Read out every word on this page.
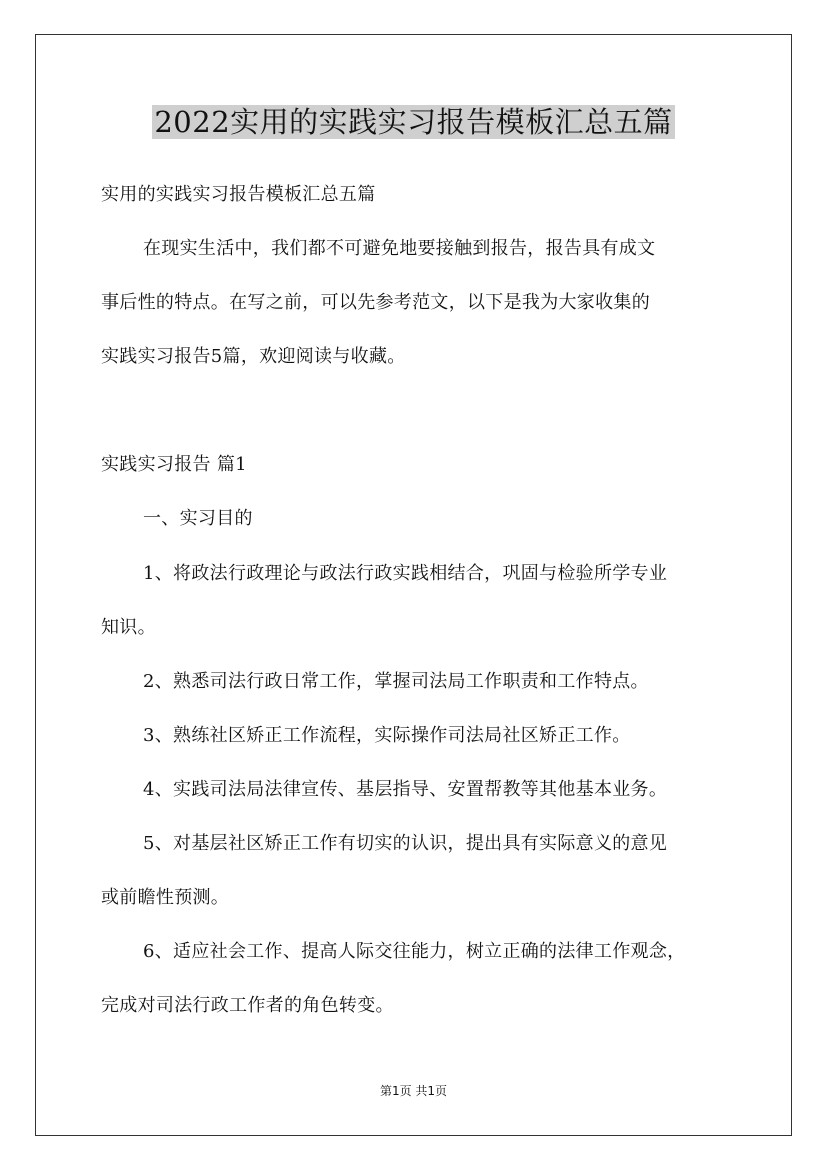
2022实用的实践实习报告模板汇总五篇
实用的实践实习报告模板汇总五篇
在现实生活中，我们都不可避免地要接触到报告，报告具有成文
事后性的特点。在写之前，可以先参考范文，以下是我为大家收集的
实践实习报告5篇，欢迎阅读与收藏。
实践实习报告 篇1
一、实习目的
1、将政法行政理论与政法行政实践相结合，巩固与检验所学专业
知识。
2、熟悉司法行政日常工作，掌握司法局工作职责和工作特点。
3、熟练社区矫正工作流程，实际操作司法局社区矫正工作。
4、实践司法局法律宣传、基层指导、安置帮教等其他基本业务。
5、对基层社区矫正工作有切实的认识，提出具有实际意义的意见
或前瞻性预测。
6、适应社会工作、提高人际交往能力，树立正确的法律工作观念，
完成对司法行政工作者的角色转变。
第1页 共1页
